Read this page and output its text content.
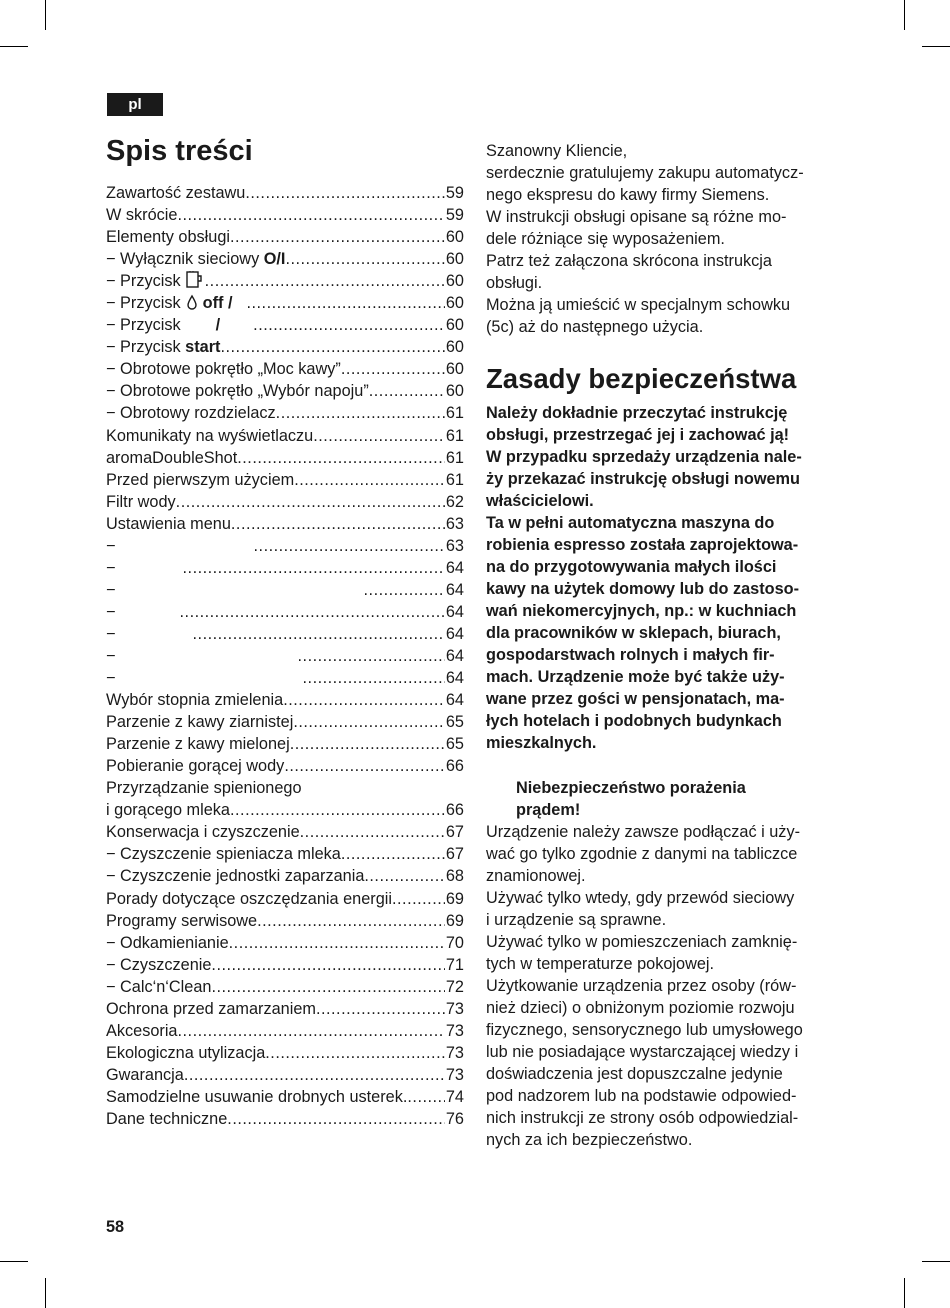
pl
Spis treści
Zawartość zestawu .....	59
W skrócie .....	59
Elementy obsługi .....	60
− Wyłącznik sieciowy O/I .....	60
− Przycisk .....	60
− Przycisk off / .....	60
− Przycisk / .....	60
− Przycisk start .....	60
− Obrotowe pokrętło „Moc kawy” .....	60
− Obrotowe pokrętło „Wybór napoju” .....	60
− Obrotowy rozdzielacz .....	61
Komunikaty na wyświetlaczu .....	61
aromaDoubleShot .....	61
Przed pierwszym użyciem .....	61
Filtr wody .....	62
Ustawienia menu .....	63
− .....	63
− .....	64
− .....	64
− .....	64
− .....	64
− .....	64
− .....	64
Wybór stopnia zmielenia .....	64
Parzenie z kawy ziarnistej .....	65
Parzenie z kawy mielonej .....	65
Pobieranie gorącej wody .....	66
Przyrządzanie spienionego
i gorącego mleka .....	66
Konserwacja i czyszczenie .....	67
− Czyszczenie spieniacza mleka .....	67
− Czyszczenie jednostki zaparzania .....	68
Porady dotyczące oszczędzania energii .....	69
Programy serwisowe .....	69
− Odkamienianie .....	70
− Czyszczenie .....	71
− Calc‘n‘Clean .....	72
Ochrona przed zamarzaniem .....	73
Akcesoria .....	73
Ekologiczna utylizacja .....	73
Gwarancja .....	73
Samodzielne usuwanie drobnych usterek. ..... 74
Dane techniczne .....	76
Szanowny Kliencie,
serdecznie gratulujemy zakupu automatycz-
nego ekspresu do kawy firmy Siemens.
W instrukcji obsługi opisane są różne mo-
dele różniące się wyposażeniem.
Patrz też załączona skrócona instrukcja
obsługi.
Można ją umieścić w specjalnym schowku
(5c) aż do następnego użycia.
Zasady bezpieczeństwa
Należy dokładnie przeczytać instrukcję
obsługi, przestrzegać jej i zachować ją!
W przypadku sprzedaży urządzenia nale-
ży przekazać instrukcję obsługi nowemu
właścicielowi.
Ta w pełni automatyczna maszyna do
robienia espresso została zaprojektowa-
na do przygotowywania małych ilości
kawy na użytek domowy lub do zastoso-
wań niekomercyjnych, np.: w kuchniach
dla pracowników w sklepach, biurach,
gospodarstwach rolnych i małych fir-
mach. Urządzenie może być także uży-
wane przez gości w pensjonatach, ma-
łych hotelach i podobnych budynkach
mieszkalnych.
Niebezpieczeństwo porażenia
prądem!
Urządzenie należy zawsze podłączać i uży-
wać go tylko zgodnie z danymi na tabliczce
znamionowej.
Używać tylko wtedy, gdy przewód sieciowy
i urządzenie są sprawne.
Używać tylko w pomieszczeniach zamknię-
tych w temperaturze pokojowej.
Użytkowanie urządzenia przez osoby (rów-
nież dzieci) o obniżonym poziomie rozwoju
fizycznego, sensorycznego lub umysłowego
lub nie posiadające wystarczającej wiedzy i
doświadczenia jest dopuszczalne jedynie
pod nadzorem lub na podstawie odpowied-
nich instrukcji ze strony osób odpowiedzial-
nych za ich bezpieczeństwo.
58
